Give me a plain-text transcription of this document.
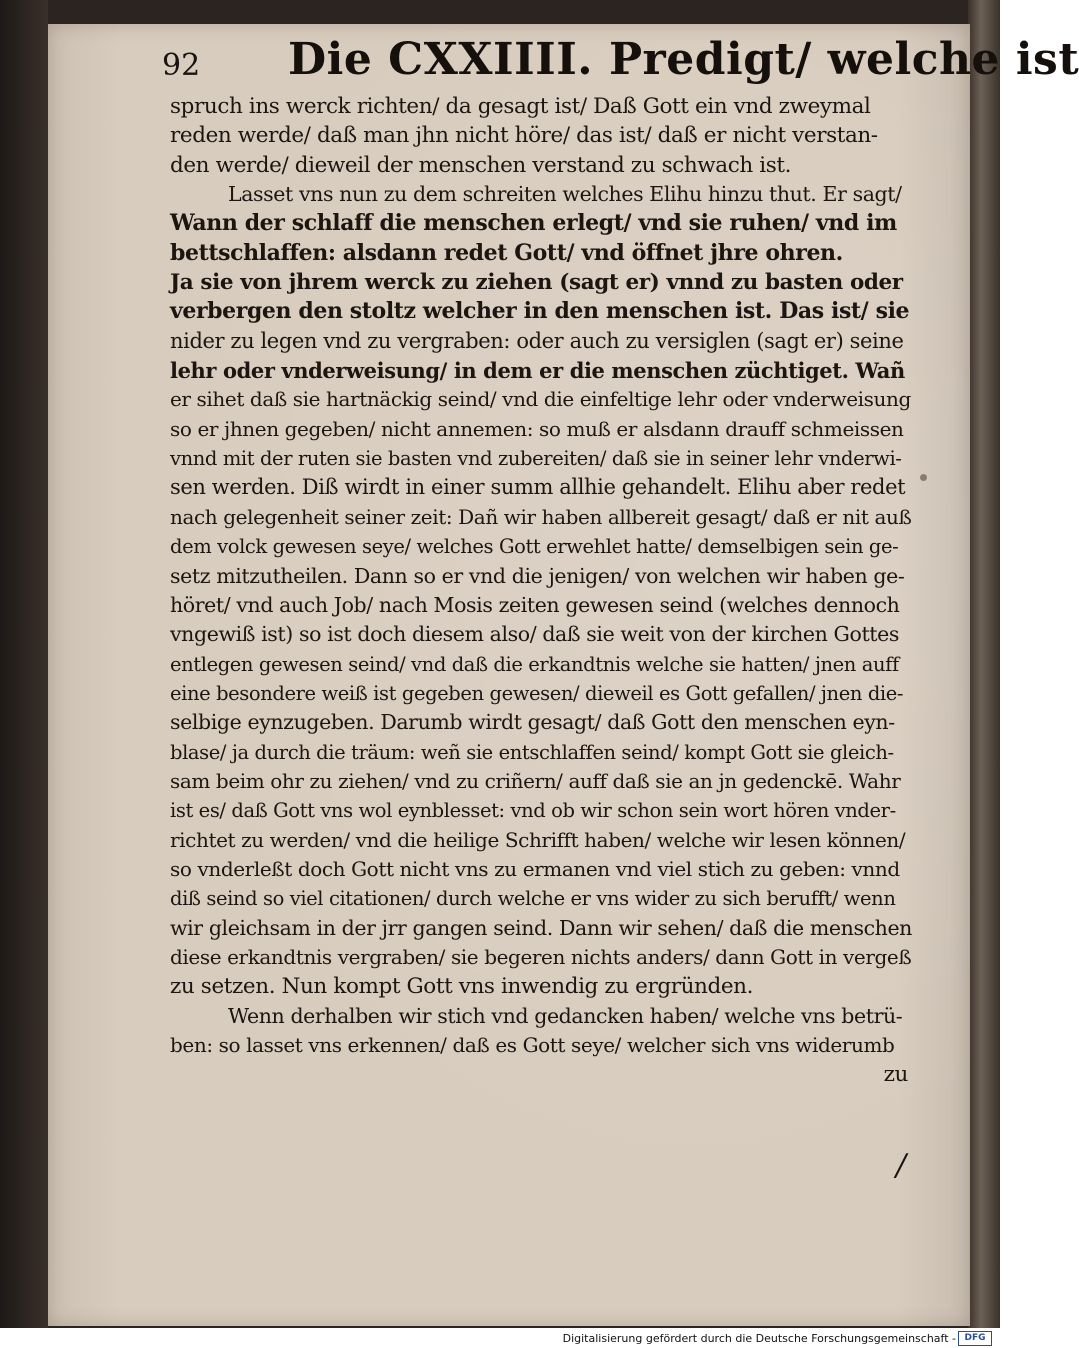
92 Die CXXIIII. Predigt/ welche ist
spruch ins werck richten/ da gesagt ist/ Daß Gott ein vnd zweymal
reden werde/ daß man jhn nicht höre/ das ist/ daß er nicht verstan-
den werde/ dieweil der menschen verstand zu schwach ist.
Lasset vns nun zu dem schreiten welches Elihu hinzu thut. Er sagt/
Wann der schlaff die menschen erlegt/ vnd sie ruhen/ vnd im
bettschlaffen: alsdann redet Gott/ vnd öffnet jhre ohren.
Ja sie von jhrem werck zu ziehen (sagt er) vnnd zu basten oder
verbergen den stoltz welcher in den menschen ist. Das ist/ sie
nider zu legen vnd zu vergraben: oder auch zu versiglen (sagt er) seine
lehr oder vnderweisung/ in dem er die menschen züchtiget. Wañ
er sihet daß sie hartnäckig seind/ vnd die einfeltige lehr oder vnderweisung
so er jhnen gegeben/ nicht annemen: so muß er alsdann drauff schmeissen
vnnd mit der ruten sie basten vnd zubereiten/ daß sie in seiner lehr vnderwi-
sen werden. Diß wirdt in einer summ allhie gehandelt. Elihu aber redet
nach gelegenheit seiner zeit: Dañ wir haben allbereit gesagt/ daß er nit auß
dem volck gewesen seye/ welches Gott erwehlet hatte/ demselbigen sein ge-
setz mitzutheilen. Dann so er vnd die jenigen/ von welchen wir haben ge-
höret/ vnd auch Job/ nach Mosis zeiten gewesen seind (welches dennoch
vngewiß ist) so ist doch diesem also/ daß sie weit von der kirchen Gottes
entlegen gewesen seind/ vnd daß die erkandtnis welche sie hatten/ jnen auff
eine besondere weiß ist gegeben gewesen/ dieweil es Gott gefallen/ jnen die-
selbige eynzugeben. Darumb wirdt gesagt/ daß Gott den menschen eyn-
blase/ ja durch die träum: weñ sie entschlaffen seind/ kompt Gott sie gleich-
sam beim ohr zu ziehen/ vnd zu criñern/ auff daß sie an jn gedenckē. Wahr
ist es/ daß Gott vns wol eynblesset: vnd ob wir schon sein wort hören vnder-
richtet zu werden/ vnd die heilige Schrifft haben/ welche wir lesen können/
so vnderleßt doch Gott nicht vns zu ermanen vnd viel stich zu geben: vnnd
diß seind so viel citationen/ durch welche er vns wider zu sich berufft/ wenn
wir gleichsam in der jrr gangen seind. Dann wir sehen/ daß die menschen
diese erkandtnis vergraben/ sie begeren nichts anders/ dann Gott in vergeß
zu setzen. Nun kompt Gott vns inwendig zu ergründen.
Wenn derhalben wir stich vnd gedancken haben/ welche vns betrü-
ben: so lasset vns erkennen/ daß es Gott seye/ welcher sich vns widerumb
zu
/
Digitalisierung gefördert durch die Deutsche Forschungsgemeinschaft - DFG
